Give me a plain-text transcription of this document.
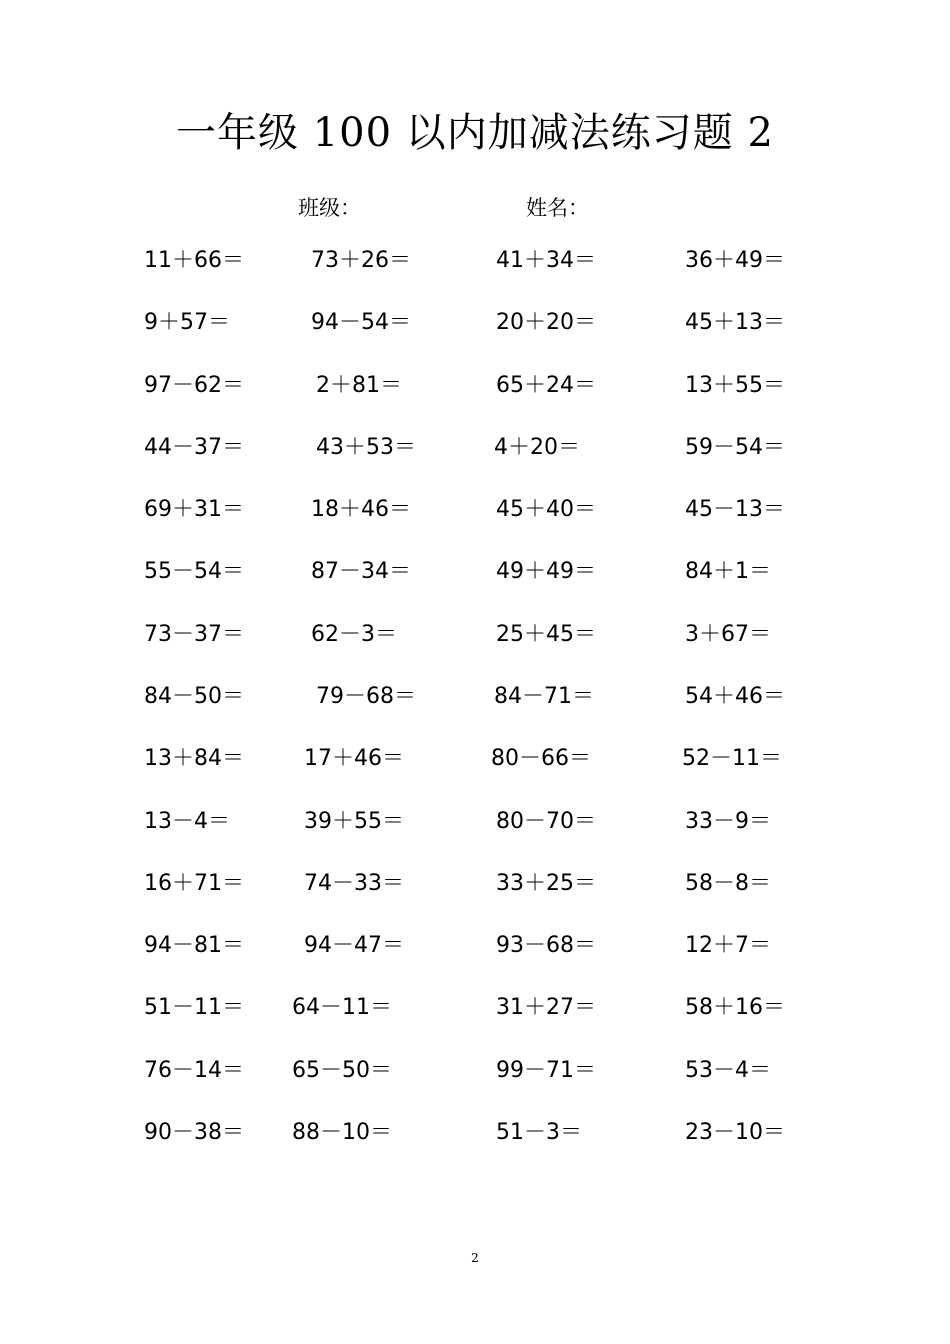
一年级 100 以内加减法练习题 2
班级：	姓名：
11＋66＝	73＋26＝	41＋34＝	36＋49＝
9＋57＝	94－54＝	20＋20＝	45＋13＝
97－62＝	2＋81＝	65＋24＝	13＋55＝
44－37＝	43＋53＝	4＋20＝	59－54＝
69＋31＝	18＋46＝	45＋40＝	45－13＝
55－54＝	87－34＝	49＋49＝	84＋1＝
73－37＝	62－3＝	25＋45＝	3＋67＝
84－50＝	79－68＝	84－71＝	54＋46＝
13＋84＝	17＋46＝	80－66＝	52－11＝
13－4＝	39＋55＝	80－70＝	33－9＝
16＋71＝	74－33＝	33＋25＝	58－8＝
94－81＝	94－47＝	93－68＝	12＋7＝
51－11＝ 64－11＝	31＋27＝	58＋16＝
76－14＝ 65－50＝	99－71＝	53－4＝
90－38＝ 88－10＝	51－3＝	23－10＝
2
